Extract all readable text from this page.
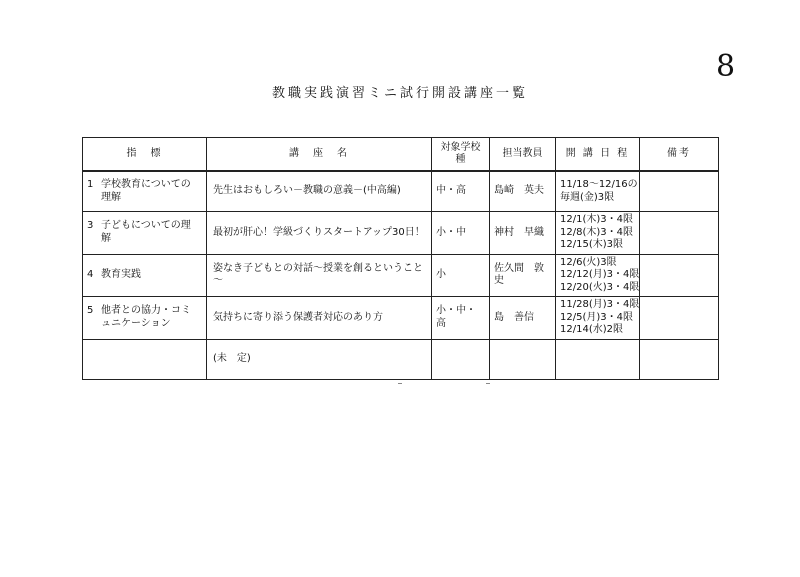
8
教職実践演習ミニ試行開設講座一覧
指　標	講　座　名	対象学校種	担当教員	開 講 日 程	備考
1 学校教育についての理解	先生はおもしろい－教職の意義－(中高編)	中・高	島崎　英夫	11/18～12/16の
毎週(金)3限	

3 子どもについての理解	最初が肝心！学級づくりスタートアップ30日！	小・中	神村　早織	12/1(木)3・4限
12/8(木)3・4限
12/15(木)3限	

4 教育実践	姿なき子どもとの対話～授業を創るということ～	小	佐久間　敦史	12/6(火)3限
12/12(月)3・4限
12/20(火)3・4限	

5 他者との協力・コミュニケーション	気持ちに寄り添う保護者対応のあり方	小・中・高	島　善信	11/28(月)3・4限
12/5(月)3・4限
12/14(水)2限	

	(未　定)				
